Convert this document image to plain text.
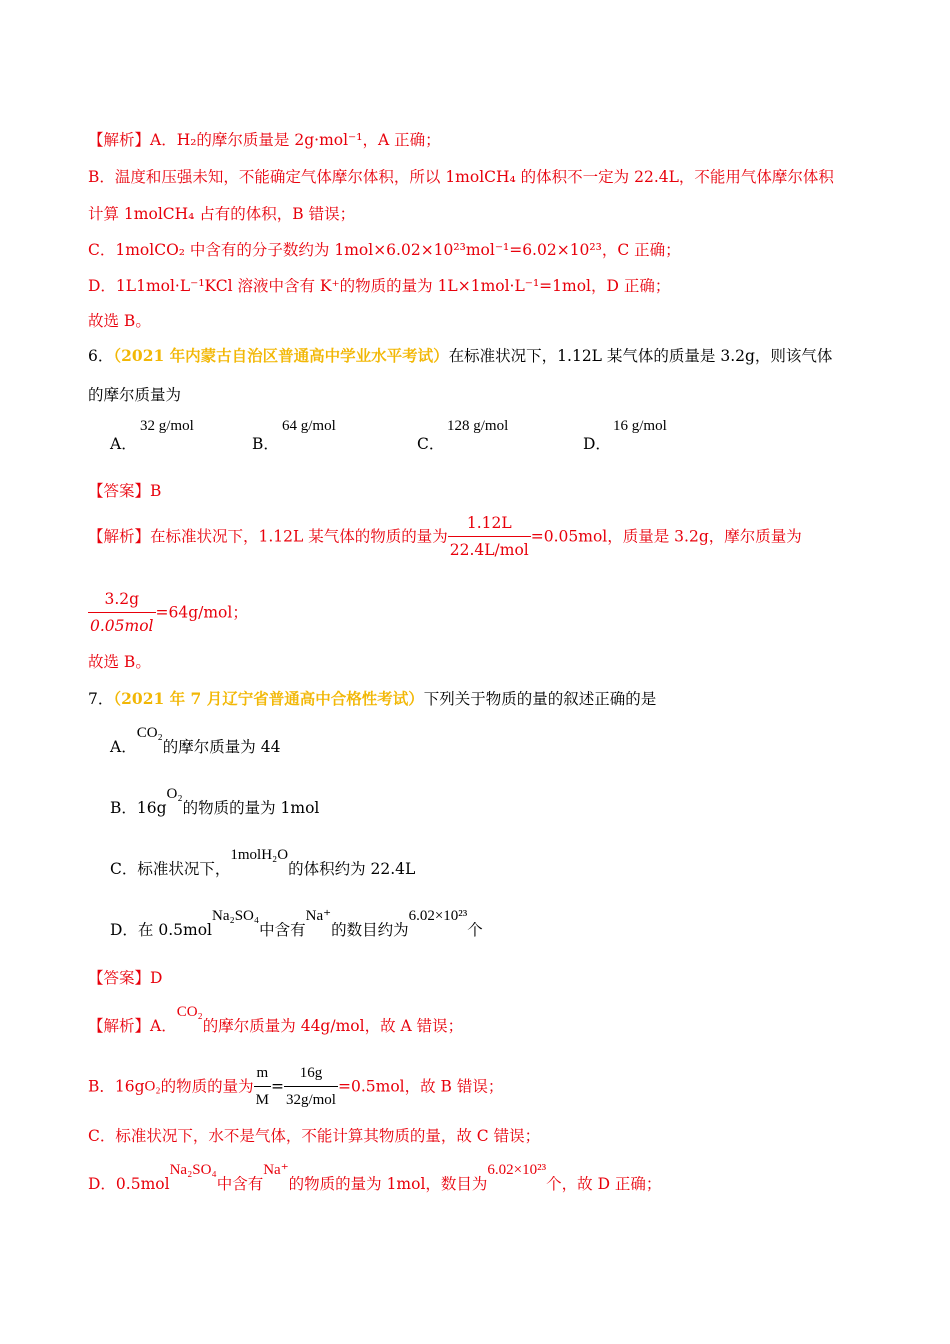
【解析】A．H₂的摩尔质量是 2g·mol⁻¹，A 正确；
B．温度和压强未知，不能确定气体摩尔体积，所以 1molCH₄ 的体积不一定为 22.4L，不能用气体摩尔体积
计算 1molCH₄ 占有的体积，B 错误；
C．1molCO₂ 中含有的分子数约为 1mol×6.02×10²³mol⁻¹=6.02×10²³，C 正确；
D．1L1mol·L⁻¹KCl 溶液中含有 K⁺的物质的量为 1L×1mol·L⁻¹=1mol，D 正确；
故选 B。
6．（2021 年内蒙古自治区普通高中学业水平考试）在标准状况下，1.12L 某气体的质量是 3.2g，则该气体
的摩尔质量为
A．
32 g/mol
B．
64 g/mol
C．
128 g/mol
D．
16 g/mol
【答案】B
【解析】在标准状况下，1.12L 某气体的物质的量为 $\frac{1.12L}{\text{22.4L/mol}} =0.05mol$，质量是 3.2g，摩尔质量为
$\frac{3.2g}{\text{0.05mol}} =64g/mol$；
故选 B。
7．（2021 年 7 月辽宁省普通高中合格性考试）下列关于物质的量的叙述正确的是
A．CO₂的摩尔质量为 44
B．16gO₂的物质的量为 1mol
C．标准状况下，1molH₂O的体积约为 22.4L
D．在 0.5molNa₂SO₄中含有Na⁺的数目约为6.02×10²³个
【答案】D
【解析】A．CO₂的摩尔质量为 44g/mol，故 A 错误；
B．16gO₂的物质的量为 $\frac{m}{M} = \frac{16g}{\text{32g/mol}} =0.5mol$，故 B 错误；
C．标准状况下，水不是气体，不能计算其物质的量，故 C 错误；
D．0.5molNa₂SO₄中含有Na⁺的物质的量为 1mol，数目为6.02×10²³个，故 D 正确；
